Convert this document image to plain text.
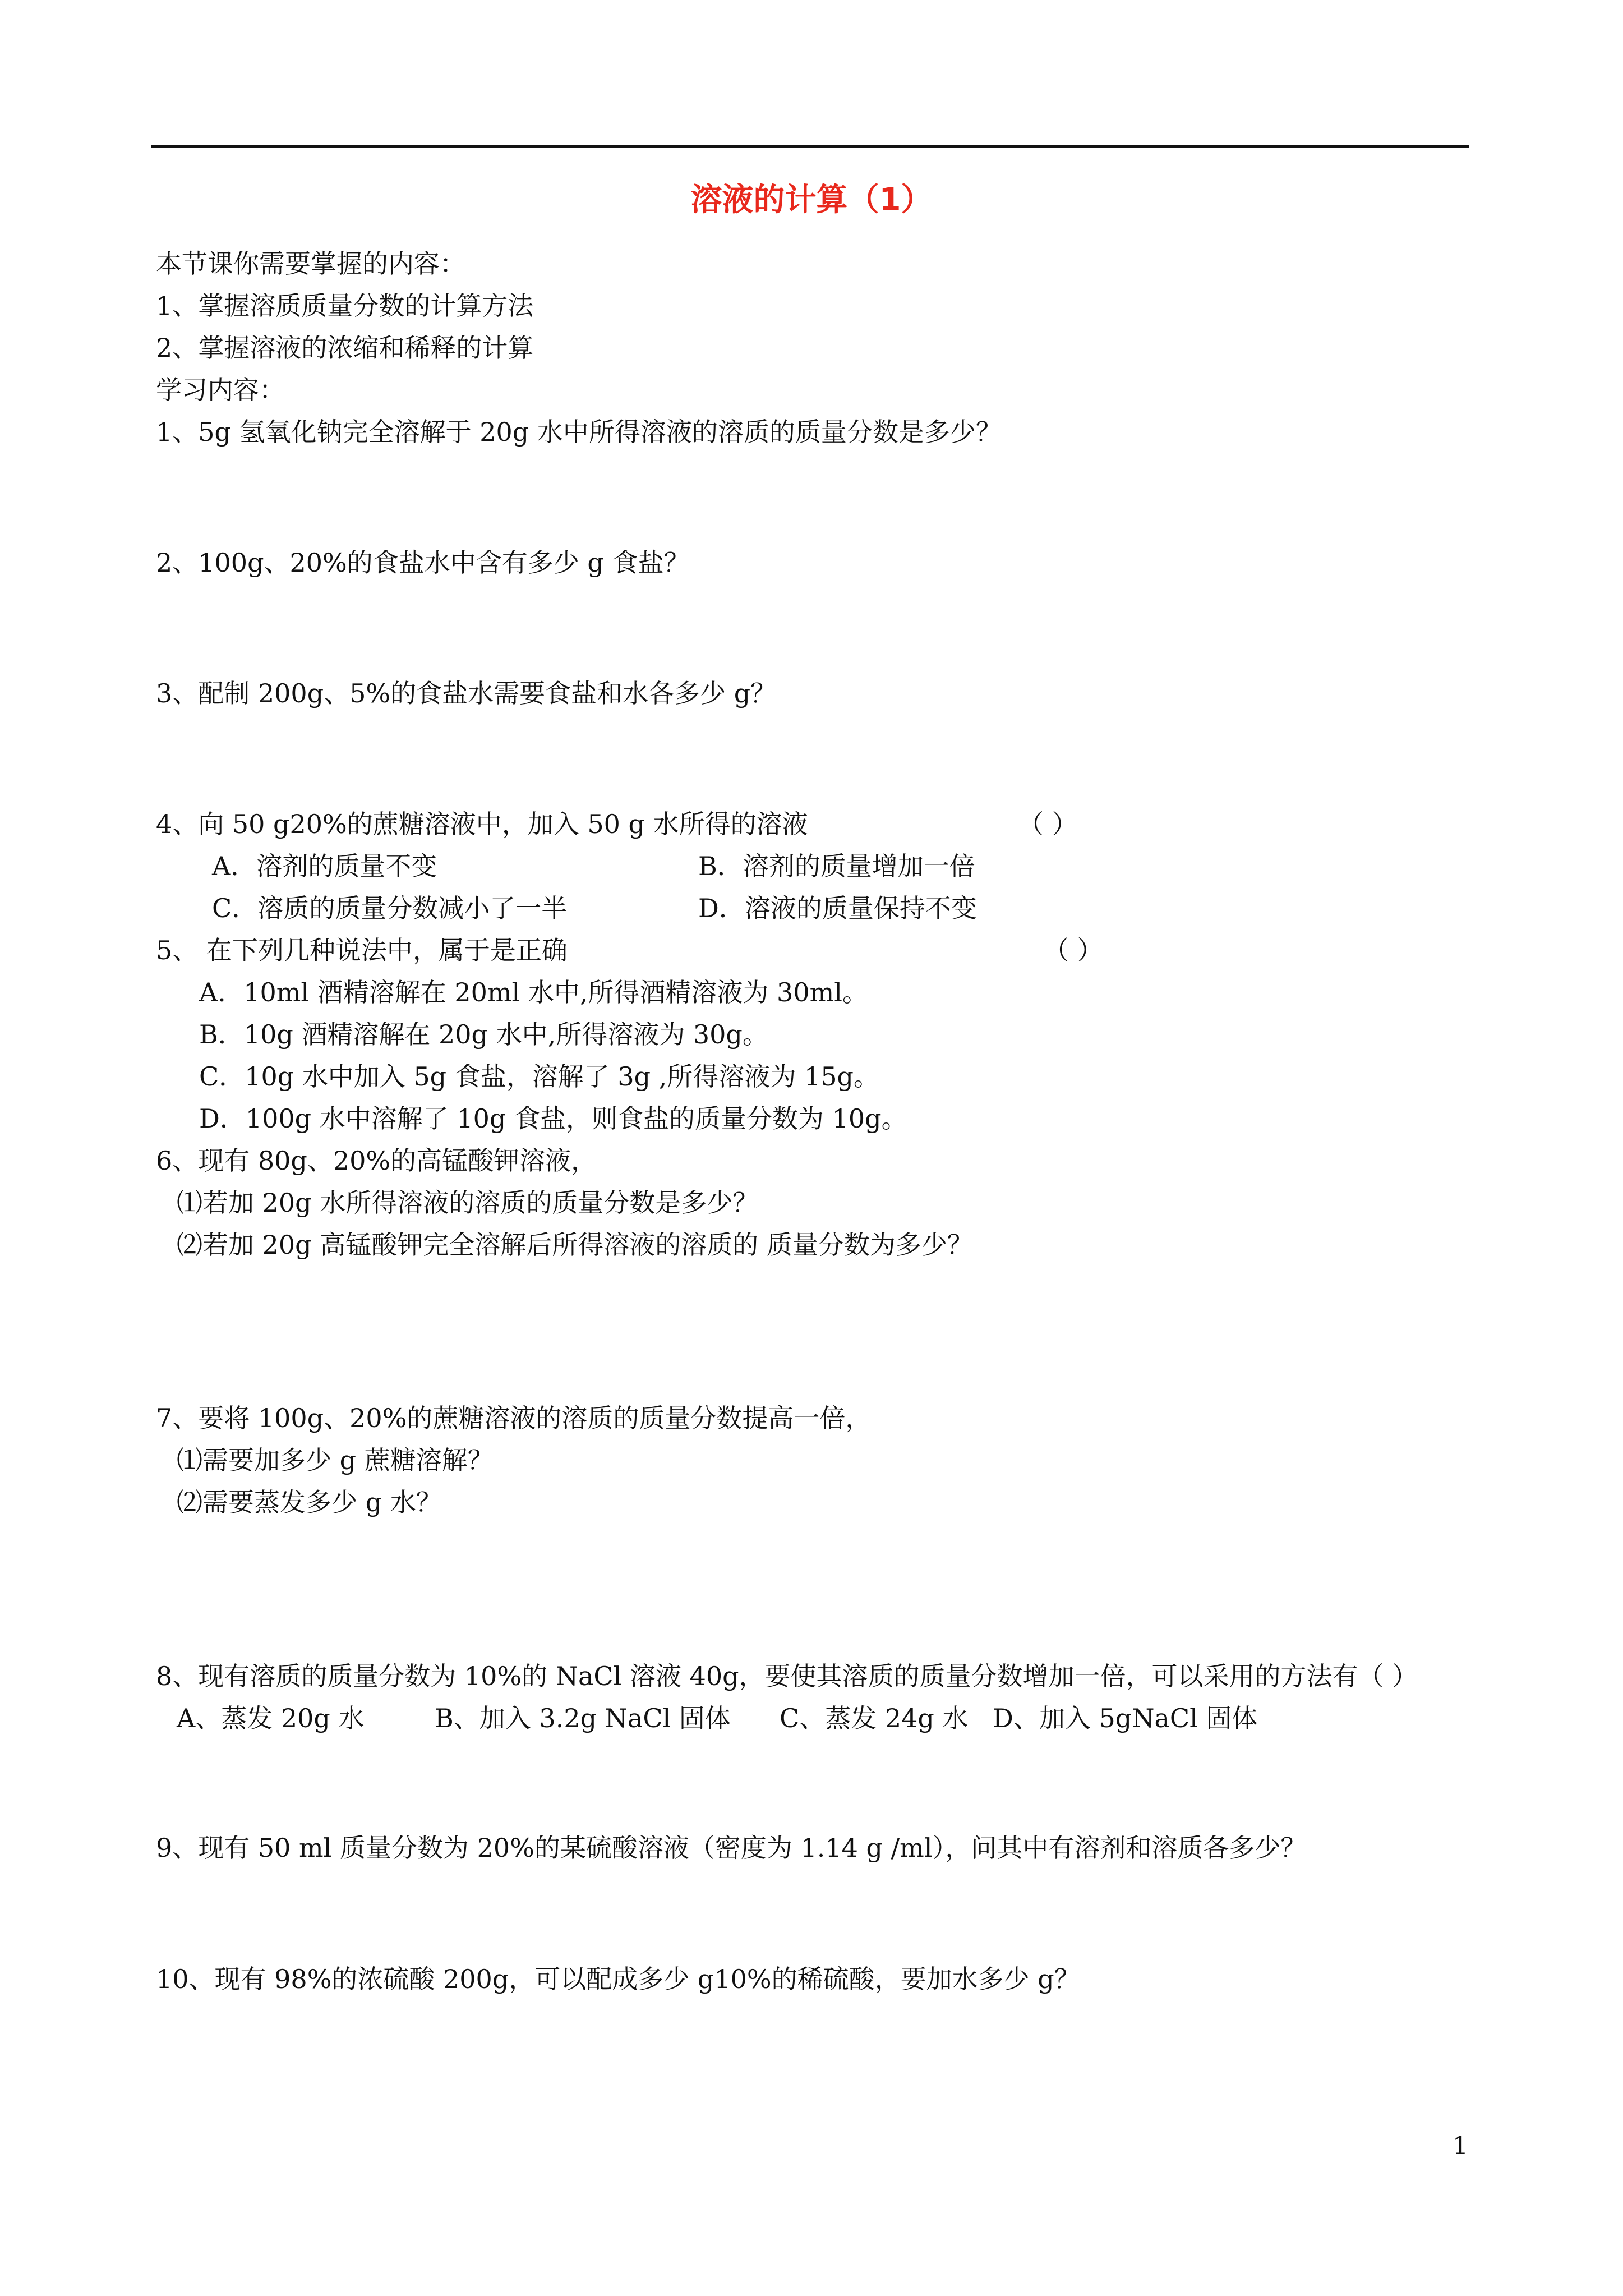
溶液的计算（1）
本节课你需要掌握的内容：
1、掌握溶质质量分数的计算方法
2、掌握溶液的浓缩和稀释的计算
学习内容：
1、5g 氢氧化钠完全溶解于 20g 水中所得溶液的溶质的质量分数是多少？
2、100g、20%的食盐水中含有多少 g 食盐？
3、配制 200g、5%的食盐水需要食盐和水各多少 g？
4、向 50 g20%的蔗糖溶液中，加入 50 g 水所得的溶液	（ ）
A．溶剂的质量不变	B．溶剂的质量增加一倍
C．溶质的质量分数减小了一半	D．溶液的质量保持不变
5、 在下列几种说法中，属于是正确	（ ）
A．10ml 酒精溶解在 20ml 水中,所得酒精溶液为 30ml。
B．10g 酒精溶解在 20g 水中,所得溶液为 30g。
C．10g 水中加入 5g 食盐，溶解了 3g ,所得溶液为 15g。
D．100g 水中溶解了 10g 食盐，则食盐的质量分数为 10g。
6、现有 80g、20%的高锰酸钾溶液，
⑴若加 20g 水所得溶液的溶质的质量分数是多少？
⑵若加 20g 高锰酸钾完全溶解后所得溶液的溶质的 质量分数为多少？
7、要将 100g、20%的蔗糖溶液的溶质的质量分数提高一倍，
⑴需要加多少 g 蔗糖溶解？
⑵需要蒸发多少 g 水？
8、现有溶质的质量分数为 10%的 NaCl 溶液 40g，要使其溶质的质量分数增加一倍，可以采用的方法有（ ）
A、蒸发 20g 水	B、加入 3.2g NaCl 固体 C、蒸发 24g 水 D、加入 5gNaCl 固体
9、现有 50 ml 质量分数为 20%的某硫酸溶液（密度为 1.14 g /ml），问其中有溶剂和溶质各多少？
10、现有 98%的浓硫酸 200g，可以配成多少 g10%的稀硫酸，要加水多少 g？
1
